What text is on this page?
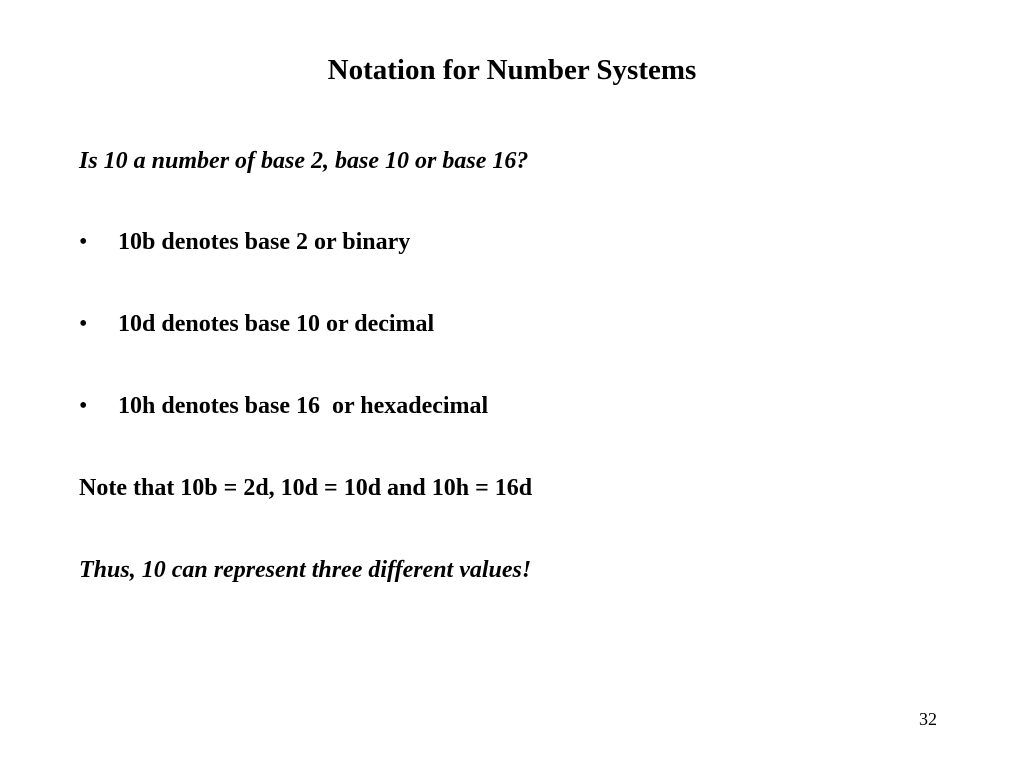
Notation for Number Systems
Is 10 a number of base 2, base 10 or base 16?

•

10b denotes base 2 or binary

•

10d denotes base 10 or decimal

•

10h denotes base 16  or hexadecimal

Note that 10b = 2d, 10d = 10d and 10h = 16d
Thus, 10 can represent three different values!
32
